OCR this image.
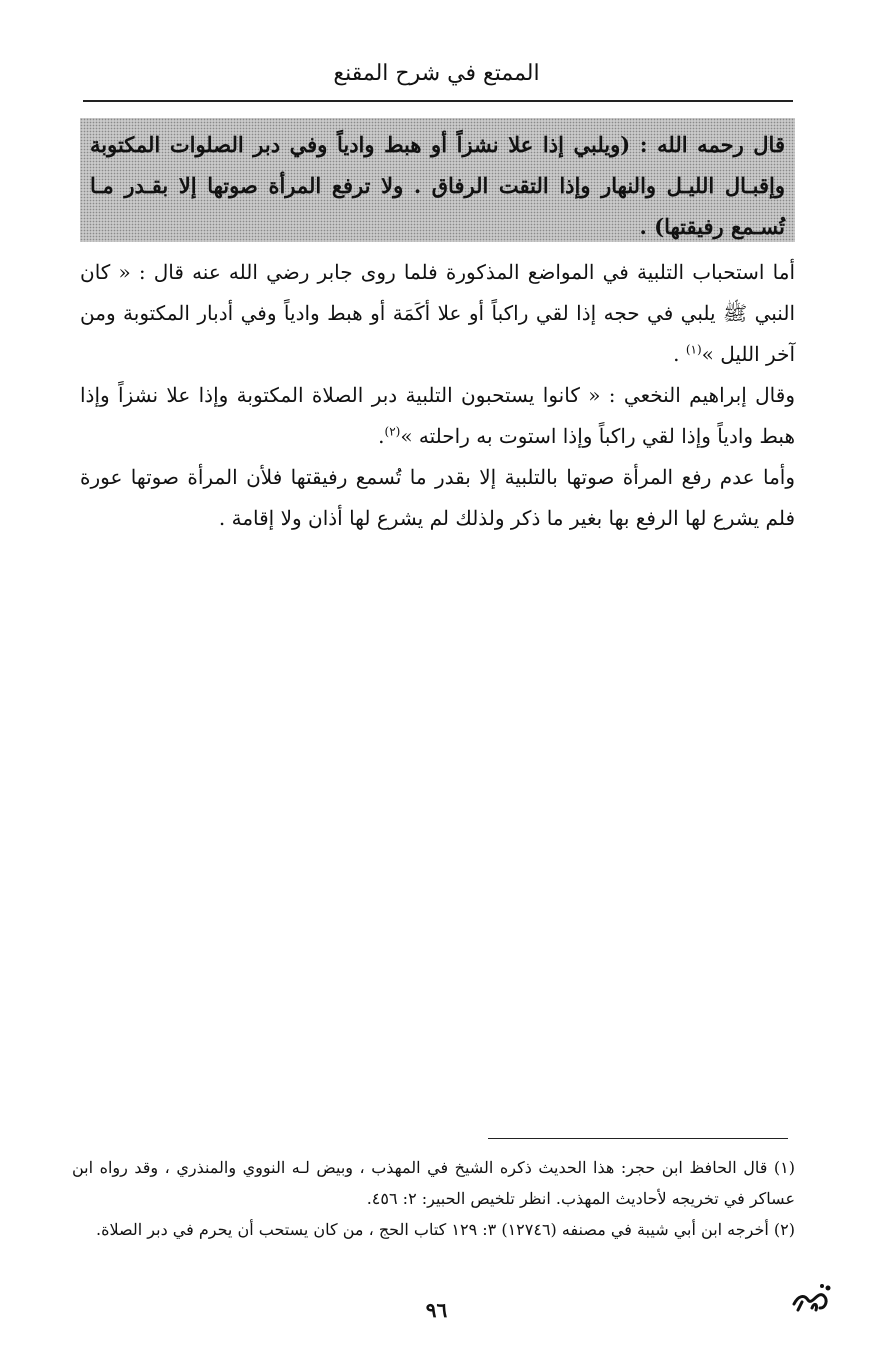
الممتع في شرح المقنع
قال رحمه الله : (ويلبي إذا علا نشزاً أو هبط وادياً وفي دبر الصلوات المكتوبة وإقبـال الليـل والنهار وإذا التقت الرفاق . ولا ترفع المرأة صوتها إلا بقـدر مـا تُسـمع رفيقتها) .

أما استحباب التلبية في المواضع المذكورة فلما روى جابر رضي الله عنه قال : « كان النبي ﷺ يلبي في حجه إذا لقي راكباً أو علا أكَمَة أو هبط وادياً وفي أدبار المكتوبة ومن آخر الليل »$^{(١)}$ .

وقال إبراهيم النخعي : « كانوا يستحبون التلبية دبر الصلاة المكتوبة وإذا علا نشزاً وإذا هبط وادياً وإذا لقي راكباً وإذا استوت به راحلته »$^{(٢)}$.

وأما عدم رفع المرأة صوتها بالتلبية إلا بقدر ما تُسمع رفيقتها فلأن المرأة صوتها عورة فلم يشرع لها الرفع بها بغير ما ذكر ولذلك لم يشرع لها أذان ولا إقامة .

(١) قال الحافظ ابن حجر: هذا الحديث ذكره الشيخ في المهذب ، وبيض لـه النووي والمنذري ، وقد رواه ابن عساكر في تخريجه لأحاديث المهذب. انظر تلخيص الحبير: ٢: ٤٥٦.

(٢) أخرجه ابن أبي شيبة في مصنفه (١٢٧٤٦) ٣: ١٢٩ كتاب الحج ، من كان يستحب أن يحرم في دبر الصلاة.

٩٦
